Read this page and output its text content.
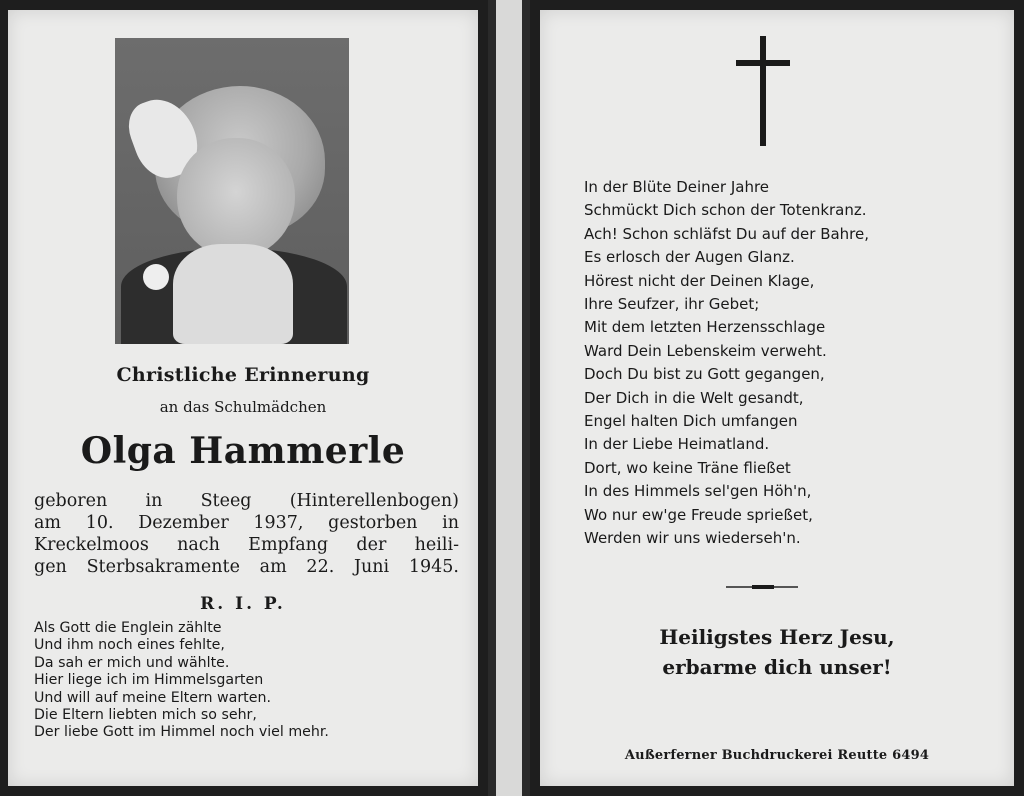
Christliche Erinnerung

an das Schulmädchen

Olga Hammerle

geboren in Steeg (Hinterellenbogen)
am 10. Dezember 1937, gestorben in
Kreckelmoos nach Empfang der heili-
gen Sterbsakramente am 22. Juni 1945.

R. I. P.

Als Gott die Englein zählte
Und ihm noch eines fehlte,
Da sah er mich und wählte.
Hier liege ich im Himmelsgarten
Und will auf meine Eltern warten.
Die Eltern liebten mich so sehr,
Der liebe Gott im Himmel noch viel mehr.
In der Blüte Deiner Jahre
Schmückt Dich schon der Totenkranz.
Ach! Schon schläfst Du auf der Bahre,
Es erlosch der Augen Glanz.
Hörest nicht der Deinen Klage,
Ihre Seufzer, ihr Gebet;
Mit dem letzten Herzensschlage
Ward Dein Lebenskeim verweht.
Doch Du bist zu Gott gegangen,
Der Dich in die Welt gesandt,
Engel halten Dich umfangen
In der Liebe Heimatland.
Dort, wo keine Träne fließet
In des Himmels sel'gen Höh'n,
Wo nur ew'ge Freude sprießet,
Werden wir uns wiederseh'n.

Heiligstes Herz Jesu,
erbarme dich unser!

Außerferner Buchdruckerei Reutte 6494
